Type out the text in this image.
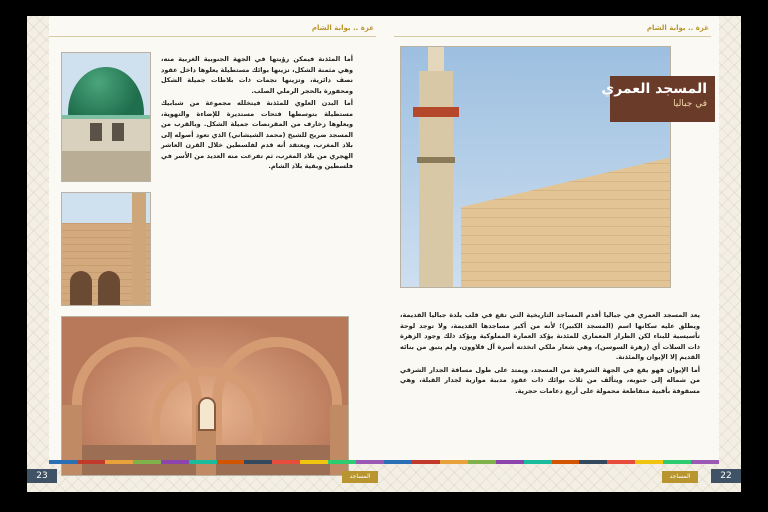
غزة .. بوابة الشام

أما المئذنة فيمكن رؤيتها في الجهة الجنوبية الغربية منه، وهي مثمنة الشكل، تزينها بوائك مستطيلة يعلوها داخل عقود نصف دائرية، وتزينها نجمات ذات بلاطات جميلة الشكل ومحفورة بالحجر الرملي الصلب.

أما البدن العلوي للمئذنة فيتخلله مجموعة من شبابيك مستطيلة بتوسطها فتحات مستديرة للإضاءة والتهوية، ويعلوها زخارف من المقرنصات جميلة الشكل. وبالقرب من المسجد ضريح للشيخ (محمد الشيشاني) الذي تعود أصوله إلى بلاد المغرب، ويعتقد أنه قدم لفلسطين خلال القرن العاشر الهجري من بلاد المغرب، ثم تفرعت منه العديد من الأسر في فلسطين وبقية بلاد الشام.

23	المساجد
غزة .. بوابة الشام
المسجد العمري
في جباليا

يعد المسجد العمري في جباليا أقدم المساجد التاريخية التي تقع في قلب بلدة جباليا القديمة، ويطلق عليه سكانها اسم (المسجد الكبير)؛ لأنه من أكبر مساجدها القديمة، ولا توجد لوحة تأسيسية للبناء لكن الطراز المعماري للمئذنة يؤكد العمارة المملوكية ويؤكد ذلك وجود الزهرة ذات السلات أي (زهرة السوسن)، وهي شعار ملكي اتخذته أسرة آل قلاوون، ولم يتبق من بنائه القديم إلا الإيوان والمئذنة.

أما الإيوان فهو يقع في الجهة الشرقية من المسجد، ويمتد على طول مسافة الجدار الشرقي من شماله إلى جنوبه، ويتألف من ثلاث بوائك ذات عقود مدببة موازية لجدار القبلة، وهي مسقوفة بأقبية متقاطعة محمولة على أربع دعامات حجرية.

22
المساجد
